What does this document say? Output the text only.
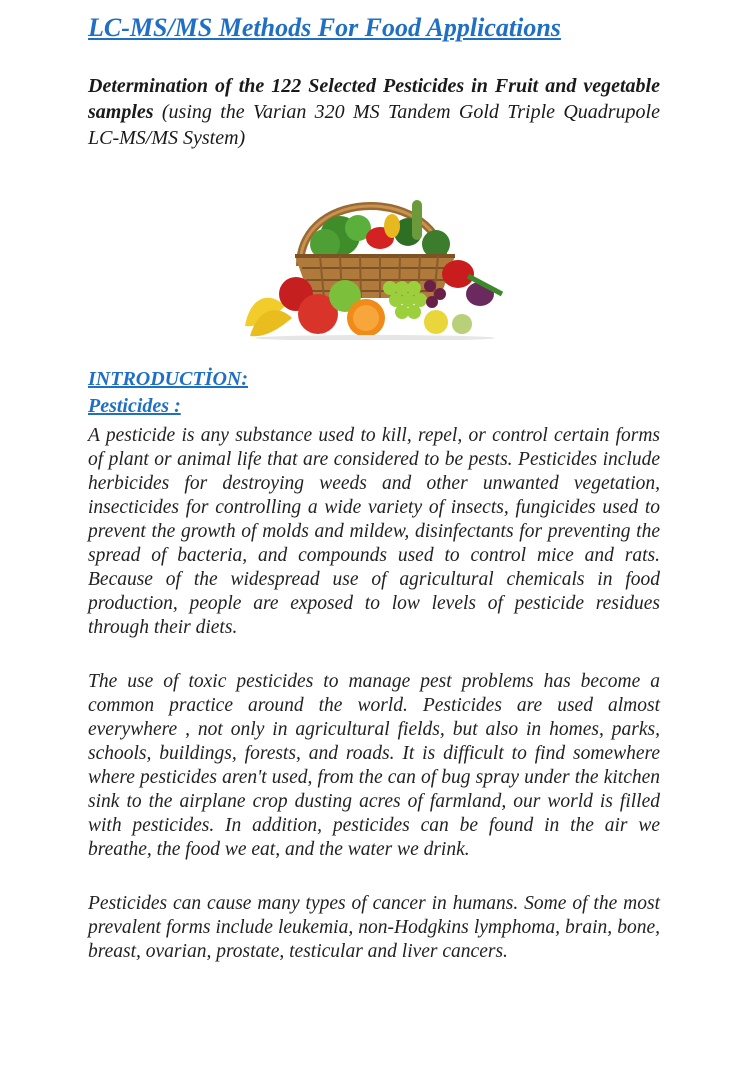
LC-MS/MS Methods For Food Applications

Determination of the 122 Selected Pesticides in Fruit and vegetable samples (using the Varian 320 MS Tandem Gold Triple Quadrupole LC-MS/MS System)

INTRODUCTİON:
Pesticides :

A pesticide is any substance used to kill, repel, or control certain forms of plant or animal life that are considered to be pests. Pesticides include herbicides for destroying weeds and other unwanted vegetation, insecticides for controlling a wide variety of insects, fungicides used to prevent the growth of molds and mildew, disinfectants for preventing the spread of bacteria, and compounds used to control mice and rats. Because of the widespread use of agricultural chemicals in food production, people are exposed to low levels of pesticide residues through their diets.

The use of toxic pesticides to manage pest problems has become a common practice around the world. Pesticides are used almost everywhere , not only in agricultural fields, but also in homes, parks, schools, buildings, forests, and roads. It is difficult to find somewhere where pesticides aren't used, from the can of bug spray under the kitchen sink to the airplane crop dusting acres of farmland, our world is filled with pesticides. In addition, pesticides can be found in the air we breathe, the food we eat, and the water we drink.

Pesticides can cause many types of cancer in humans. Some of the most prevalent forms include leukemia, non-Hodgkins lymphoma, brain, bone, breast, ovarian, prostate, testicular and liver cancers.
